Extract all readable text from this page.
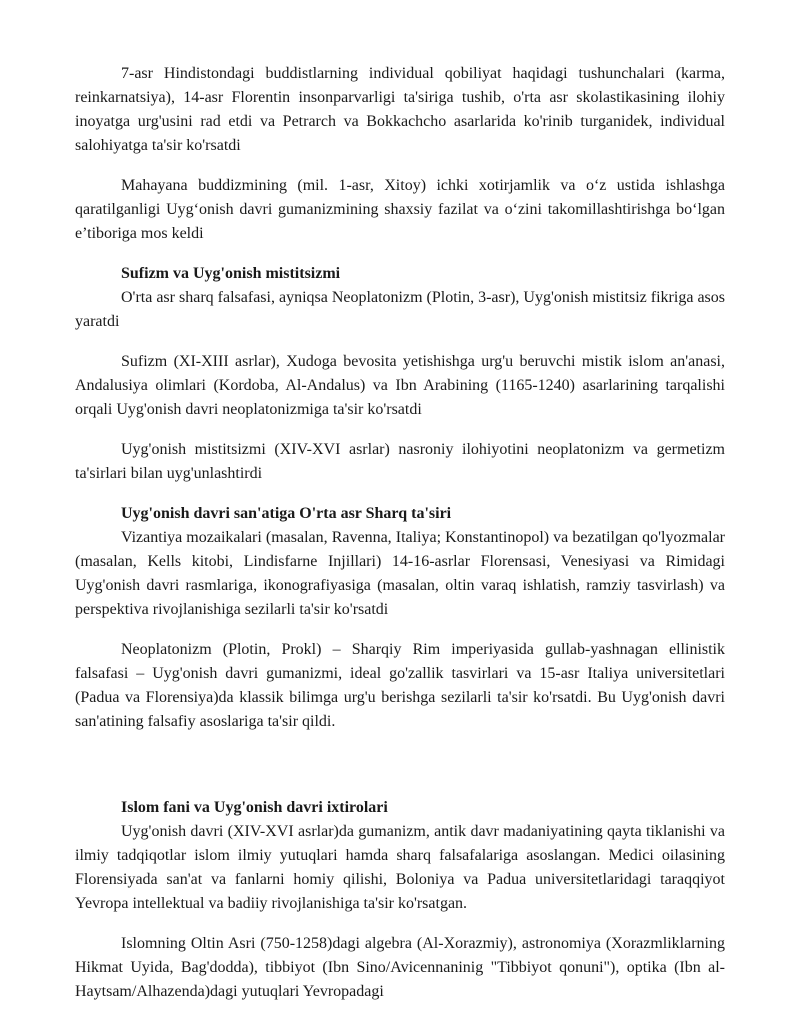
7-asr Hindistondagi buddistlarning individual qobiliyat haqidagi tushunchalari (karma, reinkarnatsiya), 14-asr Florentin insonparvarligi ta'siriga tushib, o'rta asr skolastikasining ilohiy inoyatga urg'usini rad etdi va Petrarch va Bokkachcho asarlarida ko'rinib turganidek, individual salohiyatga ta'sir ko'rsatdi

Mahayana buddizmining (mil. 1-asr, Xitoy) ichki xotirjamlik va o‘z ustida ishlashga qaratilganligi Uyg‘onish davri gumanizmining shaxsiy fazilat va o‘zini takomillashtirishga bo‘lgan e’tiboriga mos keldi

Sufizm va Uyg'onish mistitsizmi

O'rta asr sharq falsafasi, ayniqsa Neoplatonizm (Plotin, 3-asr), Uyg'onish mistitsiz fikriga asos yaratdi

Sufizm (XI-XIII asrlar), Xudoga bevosita yetishishga urg'u beruvchi mistik islom an'anasi, Andalusiya olimlari (Kordoba, Al-Andalus) va Ibn Arabining (1165-1240) asarlarining tarqalishi orqali Uyg'onish davri neoplatonizmiga ta'sir ko'rsatdi

Uyg'onish mistitsizmi (XIV-XVI asrlar) nasroniy ilohiyotini neoplatonizm va germetizm ta'sirlari bilan uyg'unlashtirdi

Uyg'onish davri san'atiga O'rta asr Sharq ta'siri

Vizantiya mozaikalari (masalan, Ravenna, Italiya; Konstantinopol) va bezatilgan qo'lyozmalar (masalan, Kells kitobi, Lindisfarne Injillari) 14-16-asrlar Florensasi, Venesiyasi va Rimidagi Uyg'onish davri rasmlariga, ikonografiyasiga (masalan, oltin varaq ishlatish, ramziy tasvirlash) va perspektiva rivojlanishiga sezilarli ta'sir ko'rsatdi

Neoplatonizm (Plotin, Prokl) – Sharqiy Rim imperiyasida gullab-yashnagan ellinistik falsafasi – Uyg'onish davri gumanizmi, ideal go'zallik tasvirlari va 15-asr Italiya universitetlari (Padua va Florensiya)da klassik bilimga urg'u berishga sezilarli ta'sir ko'rsatdi. Bu Uyg'onish davri san'atining falsafiy asoslariga ta'sir qildi.

Islom fani va Uyg'onish davri ixtirolari

Uyg'onish davri (XIV-XVI asrlar)da gumanizm, antik davr madaniyatining qayta tiklanishi va ilmiy tadqiqotlar islom ilmiy yutuqlari hamda sharq falsafalariga asoslangan. Medici oilasining Florensiyada san'at va fanlarni homiy qilishi, Boloniya va Padua universitetlaridagi taraqqiyot Yevropa intellektual va badiiy rivojlanishiga ta'sir ko'rsatgan.

Islomning Oltin Asri (750-1258)dagi algebra (Al-Xorazmiy), astronomiya (Xorazmliklarning Hikmat Uyida, Bag'dodda), tibbiyot (Ibn Sino/Avicennaninig "Tibbiyot qonuni"), optika (Ibn al-Haytsam/Alhazenda)dagi yutuqlari Yevropadagi
